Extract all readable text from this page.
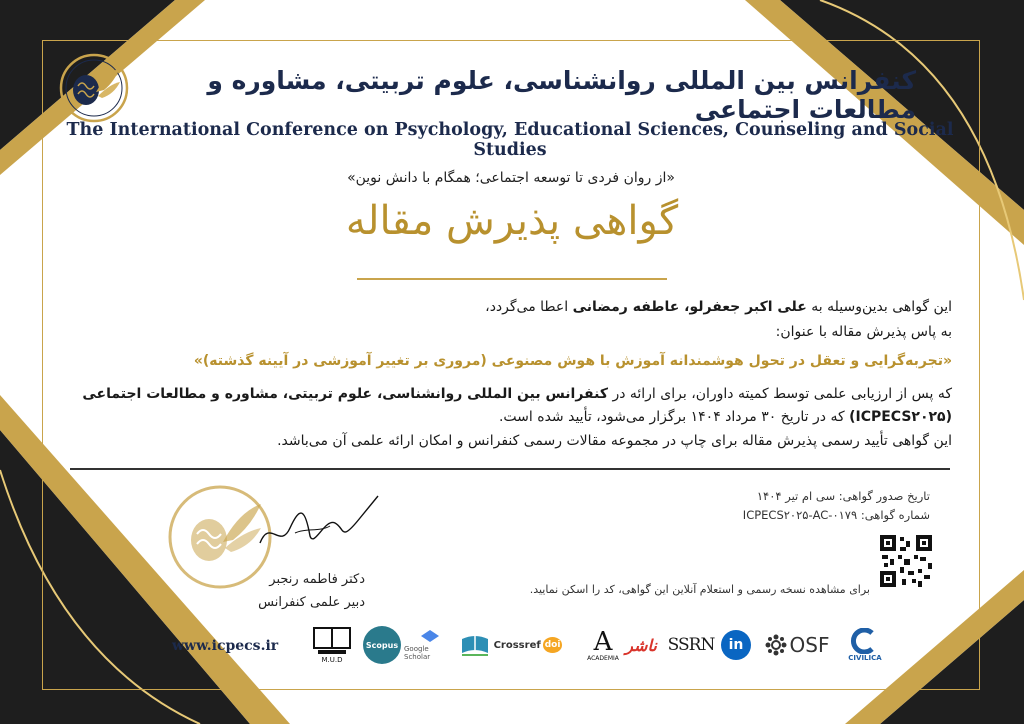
کنفرانس بین المللی روانشناسی، علوم تربیتی، مشاوره و مطالعات اجتماعی
The International Conference on Psychology, Educational Sciences, Counseling and Social Studies
«از روان فردی تا توسعه اجتماعی؛ همگام با دانش نوین»
گواهی پذیرش مقاله
این گواهی بدین‌وسیله به علی اکبر جعفرلو، عاطفه رمضانی اعطا می‌گردد،
به پاس پذیرش مقاله با عنوان:
«تجربه‌گرایی و تعقل در تحول هوشمندانه آموزش با هوش مصنوعی (مروری بر تغییر آموزشی در آیینه گذشته)»
که پس از ارزیابی علمی توسط کمیته داوران، برای ارائه در کنفرانس بین المللی روانشناسی، علوم تربیتی، مشاوره و مطالعات اجتماعی (ICPECS۲۰۲۵) که در تاریخ ۳۰ مرداد ۱۴۰۴ برگزار می‌شود، تأیید شده است.
این گواهی تأیید رسمی پذیرش مقاله برای چاپ در مجموعه مقالات رسمی کنفرانس و امکان ارائه علمی آن می‌باشد.
تاریخ صدور گواهی: سی ام تیر ۱۴۰۴
شماره گواهی: ICPECS۲۰۲۵-AC-۰۱۷۹
برای مشاهده نسخه رسمی و استعلام آنلاین این گواهی، کد را اسکن نمایید.
دکتر فاطمه رنجبر
دبیر علمی کنفرانس
www.icpecs.ir
M.U.D
Scopus Google Scholar
Crossref doi A
ACADEMIA
ناشر SSRN in OSF
CIVILICA
